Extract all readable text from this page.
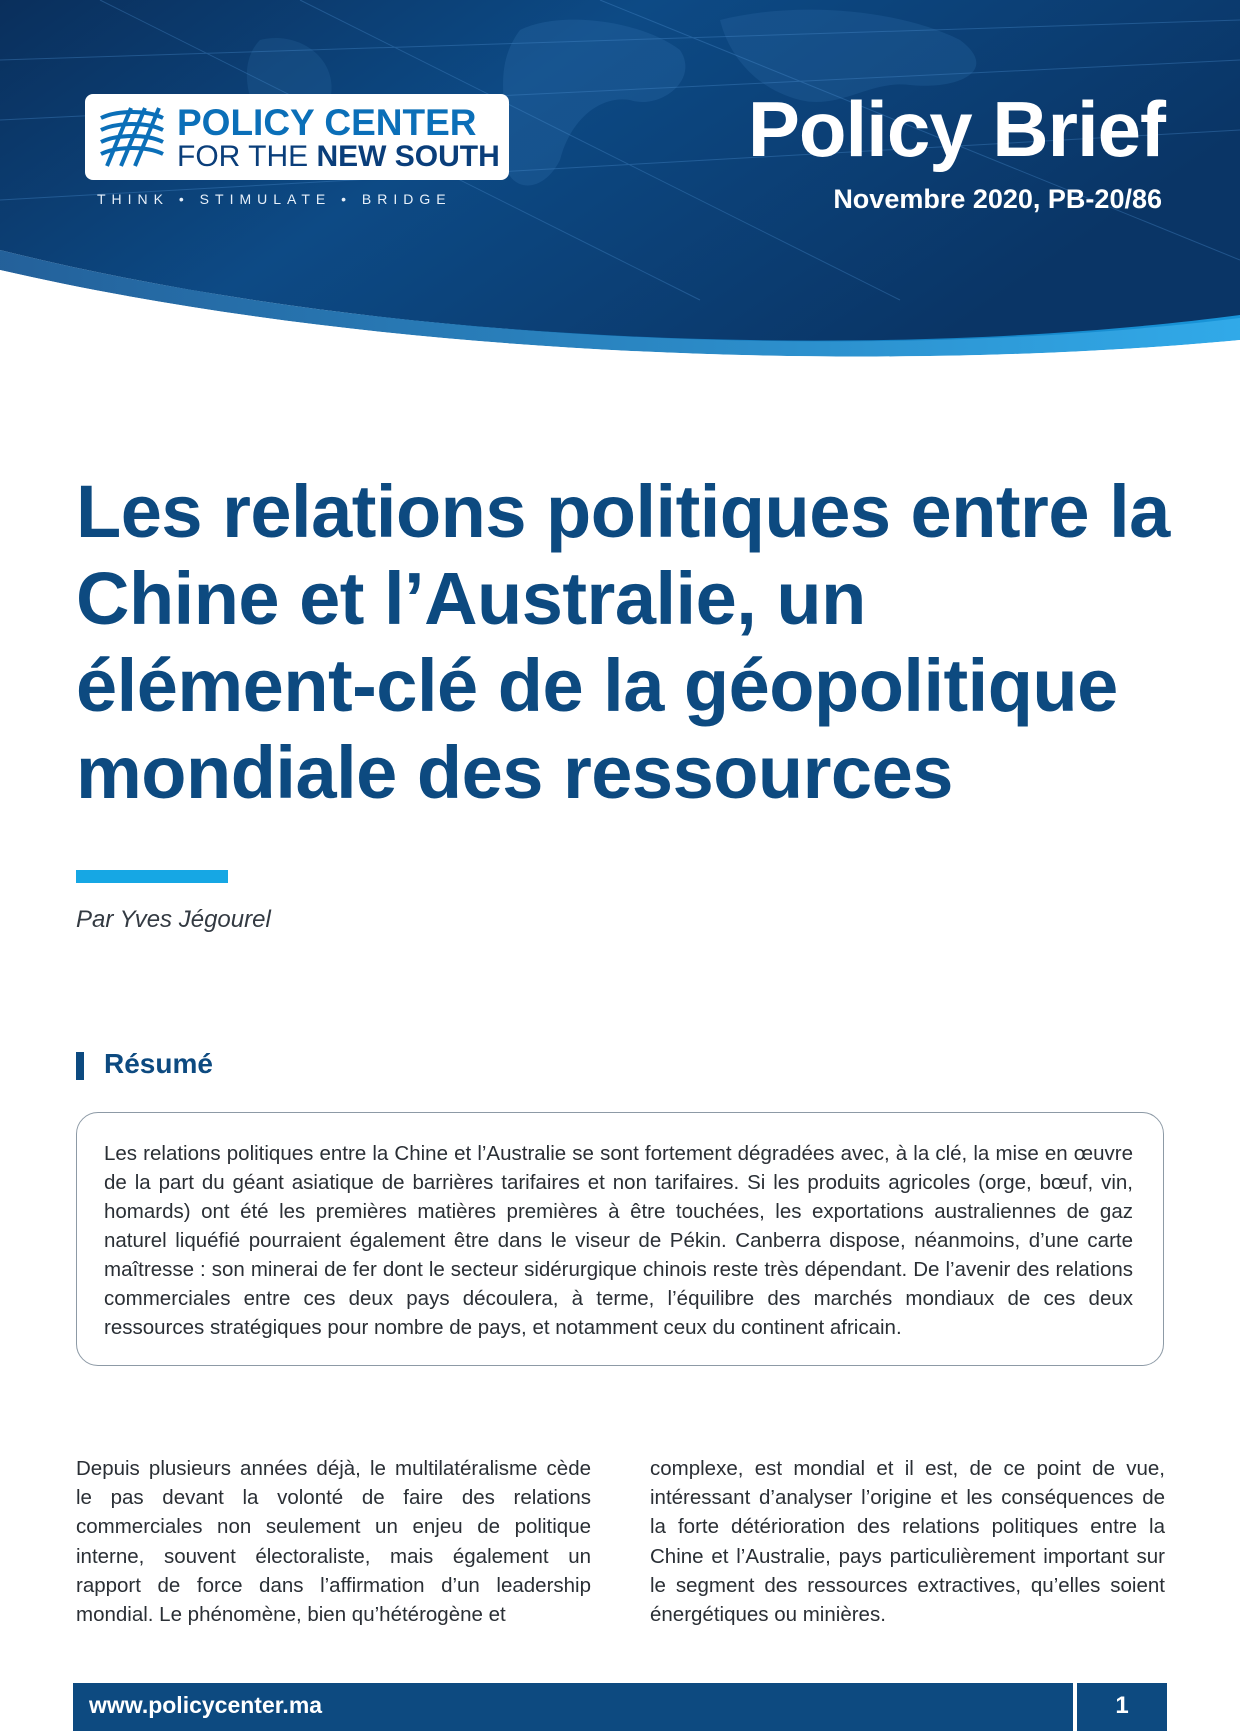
POLICY CENTER
FOR THE NEW SOUTH
THINK • STIMULATE • BRIDGE
Policy Brief
Novembre 2020, PB-20/86
Les relations politiques entre la Chine et l’Australie, un élément-clé de la géopolitique mondiale des ressources
Par Yves Jégourel
Résumé

Les relations politiques entre la Chine et l’Australie se sont fortement dégradées avec, à la clé, la mise en œuvre de la part du géant asiatique de barrières tarifaires et non tarifaires. Si les produits agricoles (orge, bœuf, vin, homards) ont été les premières matières premières à être touchées, les exportations australiennes de gaz naturel liquéfié pourraient également être dans le viseur de Pékin. Canberra dispose, néanmoins, d’une carte maîtresse : son minerai de fer dont le secteur sidérurgique chinois reste très dépendant. De l’avenir des relations commerciales entre ces deux pays découlera, à terme, l’équilibre des marchés mondiaux de ces deux ressources stratégiques pour nombre de pays, et notamment ceux du continent africain.

Depuis plusieurs années déjà, le multilatéralisme cède le pas devant la volonté de faire des relations commerciales non seulement un enjeu de politique interne, souvent électoraliste, mais également un rapport de force dans l’affirmation d’un leadership mondial. Le phénomène, bien qu’hétérogène et

complexe, est mondial et il est, de ce point de vue, intéressant d’analyser l’origine et les conséquences de la forte détérioration des relations politiques entre la Chine et l’Australie, pays particulièrement important sur le segment des ressources extractives, qu’elles soient énergétiques ou minières.

www.policycenter.ma	1
